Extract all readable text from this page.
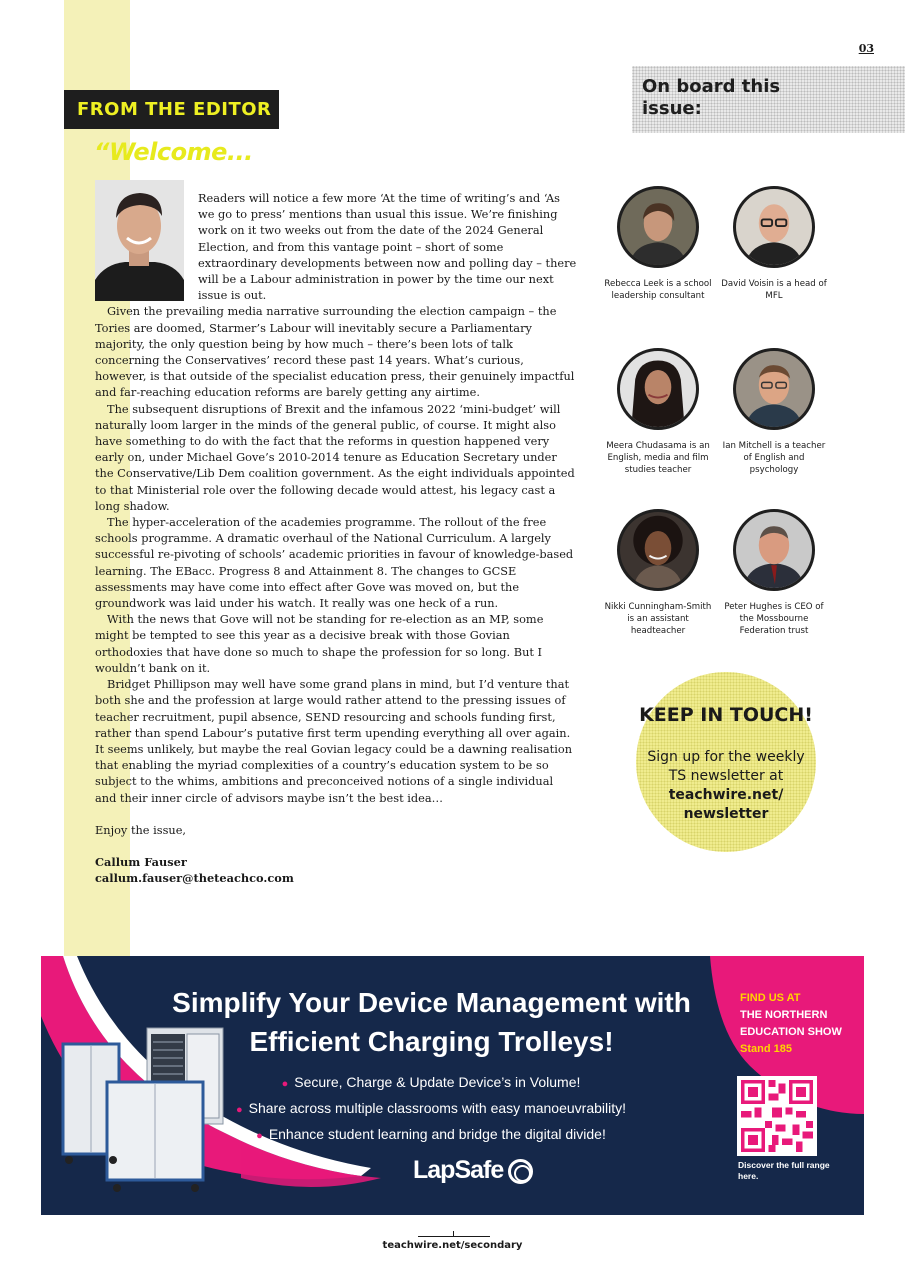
03
FROM THE EDITOR
“Welcome...

Readers will notice a few more ‘At the time of writing’s and ‘As we go to press’ mentions than usual this issue. We’re finishing work on it two weeks out from the date of the 2024 General Election, and from this vantage point – short of some extraordinary developments between now and polling day – there will be a Labour administration in power by the time our next issue is out.

Given the prevailing media narrative surrounding the election campaign – the Tories are doomed, Starmer’s Labour will inevitably secure a Parliamentary majority, the only question being by how much – there’s been lots of talk concerning the Conservatives’ record these past 14 years. What’s curious, however, is that outside of the specialist education press, their genuinely impactful and far-reaching education reforms are barely getting any airtime.

The subsequent disruptions of Brexit and the infamous 2022 ‘mini-budget’ will naturally loom larger in the minds of the general public, of course. It might also have something to do with the fact that the reforms in question happened very early on, under Michael Gove’s 2010-2014 tenure as Education Secretary under the Conservative/Lib Dem coalition government. As the eight individuals appointed to that Ministerial role over the following decade would attest, his legacy cast a long shadow.

The hyper-acceleration of the academies programme. The rollout of the free schools programme. A dramatic overhaul of the National Curriculum. A largely successful re-pivoting of schools’ academic priorities in favour of knowledge-based learning. The EBacc. Progress 8 and Attainment 8. The changes to GCSE assessments may have come into effect after Gove was moved on, but the groundwork was laid under his watch. It really was one heck of a run.

With the news that Gove will not be standing for re-election as an MP, some might be tempted to see this year as a decisive break with those Govian orthodoxies that have done so much to shape the profession for so long. But I wouldn’t bank on it.

Bridget Phillipson may well have some grand plans in mind, but I’d venture that both she and the profession at large would rather attend to the pressing issues of teacher recruitment, pupil absence, SEND resourcing and schools funding first, rather than spend Labour’s putative first term upending everything all over again. It seems unlikely, but maybe the real Govian legacy could be a dawning realisation that enabling the myriad complexities of a country’s education system to be so subject to the whims, ambitions and preconceived notions of a single individual and their inner circle of advisors maybe isn’t the best idea…

Enjoy the issue,

Callum Fauser
callum.fauser@theteachco.com
On board this issue:
Rebecca Leek is a school leadership consultant
David Voisin is a head of MFL
Meera Chudasama is an English, media and film studies teacher
Ian Mitchell is a teacher of English and psychology
Nikki Cunningham-Smith is an assistant headteacher
Peter Hughes is CEO of the Mossbourne Federation trust
KEEP IN TOUCH!
Sign up for the weekly TS newsletter at teachwire.net/ newsletter
Simplify Your Device Management with Efficient Charging Trolleys!
● Secure, Charge & Update Device’s in Volume!
● Share across multiple classrooms with easy manoeuvrability!
● Enhance student learning and bridge the digital divide!
LapSafe
FIND US AT
THE NORTHERN EDUCATION SHOW
Stand 185
Discover the full range here.
teachwire.net/secondary
